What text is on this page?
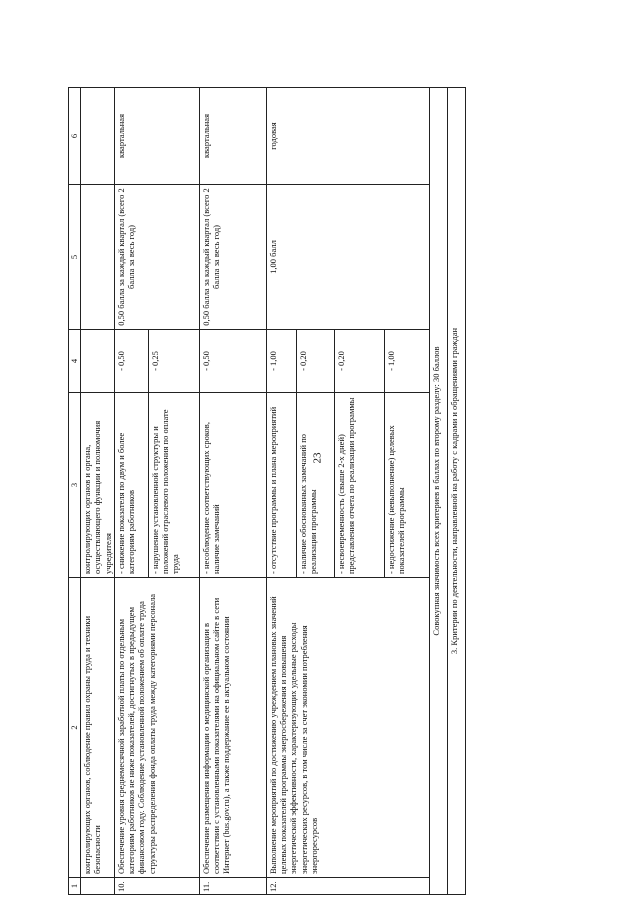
23
1	2	3	4	5	6
	контролирующих органов, соблюдение правил охраны труда и техники безопасности	контролирующих органов и органа, осуществляющего функции и полномочия учредителя			
10.	Обеспечение уровня среднемесячной заработной платы по отдельным категориям работников не ниже показателей, достигнутых в предыдущем финансовом году. Соблюдение установленной положением об оплате труда структуры распределения фонда оплаты труда между категориями персонала	- снижение показателя по двум и более категориям работников	- 0,50	0,50 балла за каждый квартал (всего 2 балла за весь год)	квартальная
		- нарушение установленной структуры и положений отраслевого положения по оплате труда	- 0,25		
11.	Обеспечение размещения информации о медицинской организации в соответствии с установленными показателями на официальном сайте в сети Интернет (bus.gov.ru), а также поддержание ее в актуальном состоянии	- несоблюдение соответствующих сроков, наличие замечаний	- 0,50	0,50 балла за каждый квартал (всего 2 балла за весь год)	квартальная
12.	Выполнение мероприятий по достижению учреждением плановых значений целевых показателей программы энергосбережения и повышения энергетической эффективности, характеризующих удельные расходы энергетических ресурсов, в том числе за счет экономии потребления энергоресурсов	- отсутствие программы и плана мероприятий	- 1,00	1,00 балл	годовая
		- наличие обоснованных замечаний по реализации программы	- 0,20		
		- несвоевременность (свыше 2-х дней) представления отчета по реализации программы	- 0,20		
		- недостижение (невыполнение) целевых показателей программы	- 1,00		
Совокупная значимость всех критериев в баллах по второму разделу: 30 баллов					
3. Критерии по деятельности, направленной на работу с кадрами и обращениями граждан					
